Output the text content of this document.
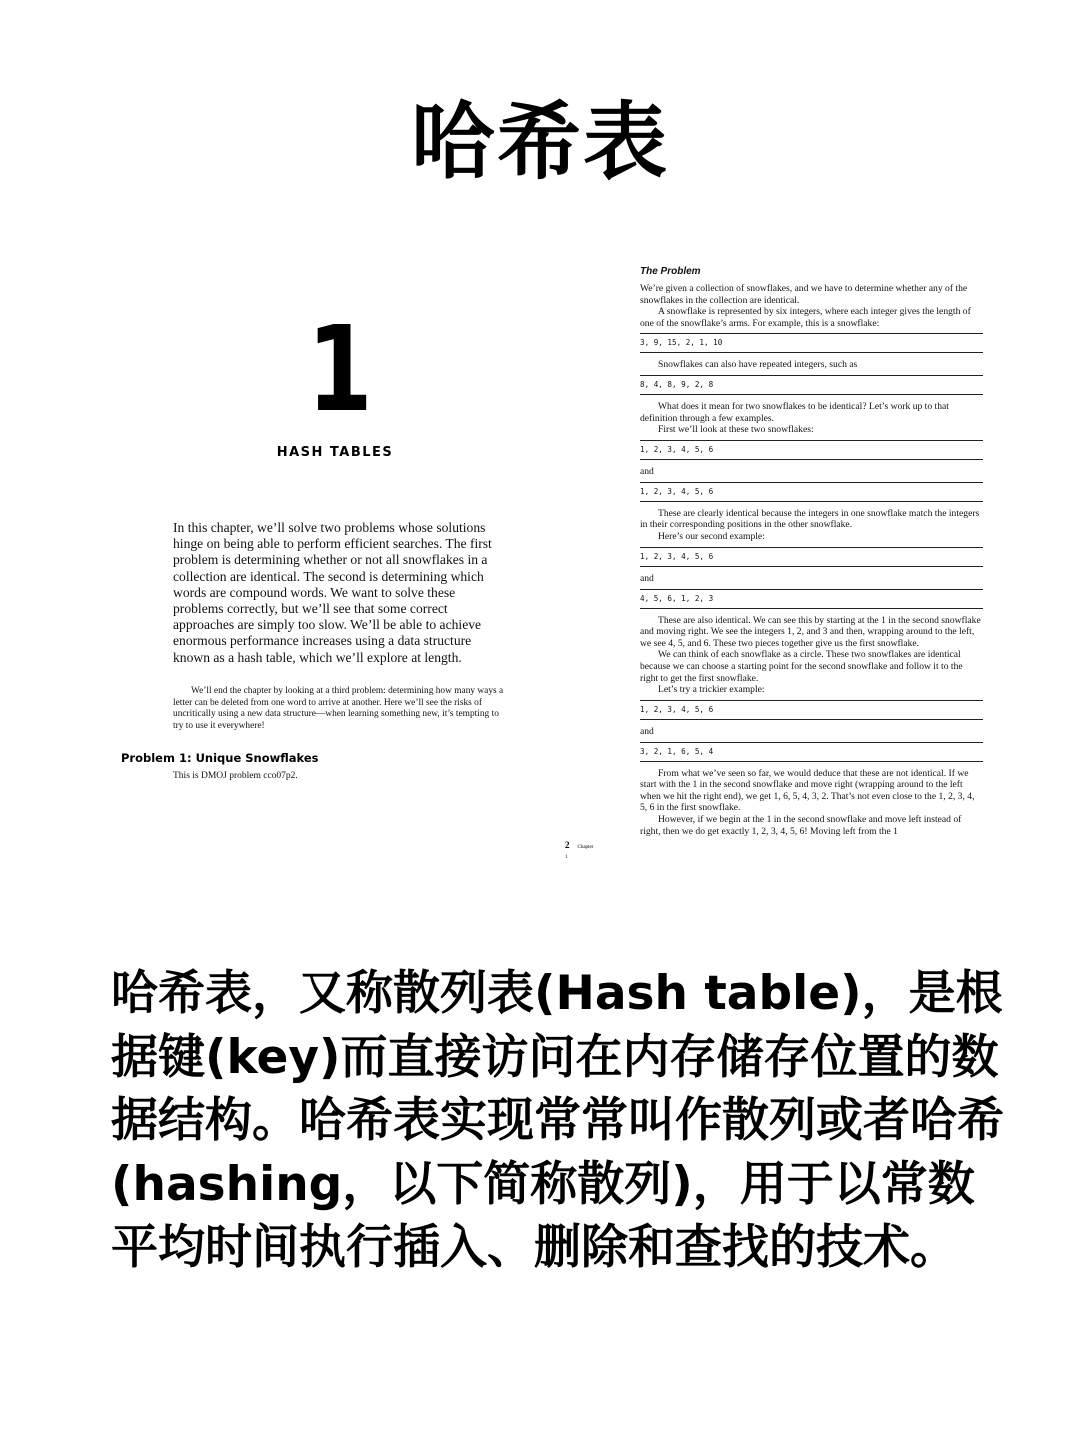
哈希表
1
HASH TABLES

In this chapter, we’ll solve two problems whose solutions hinge on being able to perform efficient searches. The first problem is determining whether or not all snowflakes in a collection are identical. The second is determining which words are compound words. We want to solve these problems correctly, but we’ll see that some correct approaches are simply too slow. We’ll be able to achieve enormous performance increases using a data structure known as a hash table, which we’ll explore at length.

We’ll end the chapter by looking at a third problem: determining how many ways a letter can be deleted from one word to arrive at another. Here we’ll see the risks of uncritically using a new data structure—when learning something new, it’s tempting to try to use it everywhere!

Problem 1: Unique Snowflakes

This is DMOJ problem cco07p2.

2 Chapter 1

The Problem

We’re given a collection of snowflakes, and we have to determine whether any of the snowflakes in the collection are identical.

A snowflake is represented by six integers, where each integer gives the length of one of the snowflake’s arms. For example, this is a snowflake:

3, 9, 15, 2, 1, 10

Snowflakes can also have repeated integers, such as

8, 4, 8, 9, 2, 8

What does it mean for two snowflakes to be identical? Let’s work up to that definition through a few examples.

First we’ll look at these two snowflakes:

1, 2, 3, 4, 5, 6

and

1, 2, 3, 4, 5, 6

These are clearly identical because the integers in one snowflake match the integers in their corresponding positions in the other snowflake.

Here’s our second example:

1, 2, 3, 4, 5, 6

and

4, 5, 6, 1, 2, 3

These are also identical. We can see this by starting at the 1 in the second snowflake and moving right. We see the integers 1, 2, and 3 and then, wrapping around to the left, we see 4, 5, and 6. These two pieces together give us the first snowflake.

We can think of each snowflake as a circle. These two snowflakes are identical because we can choose a starting point for the second snowflake and follow it to the right to get the first snowflake.

Let’s try a trickier example:

1, 2, 3, 4, 5, 6

and

3, 2, 1, 6, 5, 4

From what we’ve seen so far, we would deduce that these are not identical. If we start with the 1 in the second snowflake and move right (wrapping around to the left when we hit the right end), we get 1, 6, 5, 4, 3, 2. That’s not even close to the 1, 2, 3, 4, 5, 6 in the first snowflake.

However, if we begin at the 1 in the second snowflake and move left instead of right, then we do get exactly 1, 2, 3, 4, 5, 6! Moving left from the 1

哈希表，又称散列表(Hash table)，是根据键(key)而直接访问在内存储存位置的数据结构。哈希表实现常常叫作散列或者哈希(hashing，以下简称散列)，用于以常数平均时间执行插入、删除和查找的技术。
